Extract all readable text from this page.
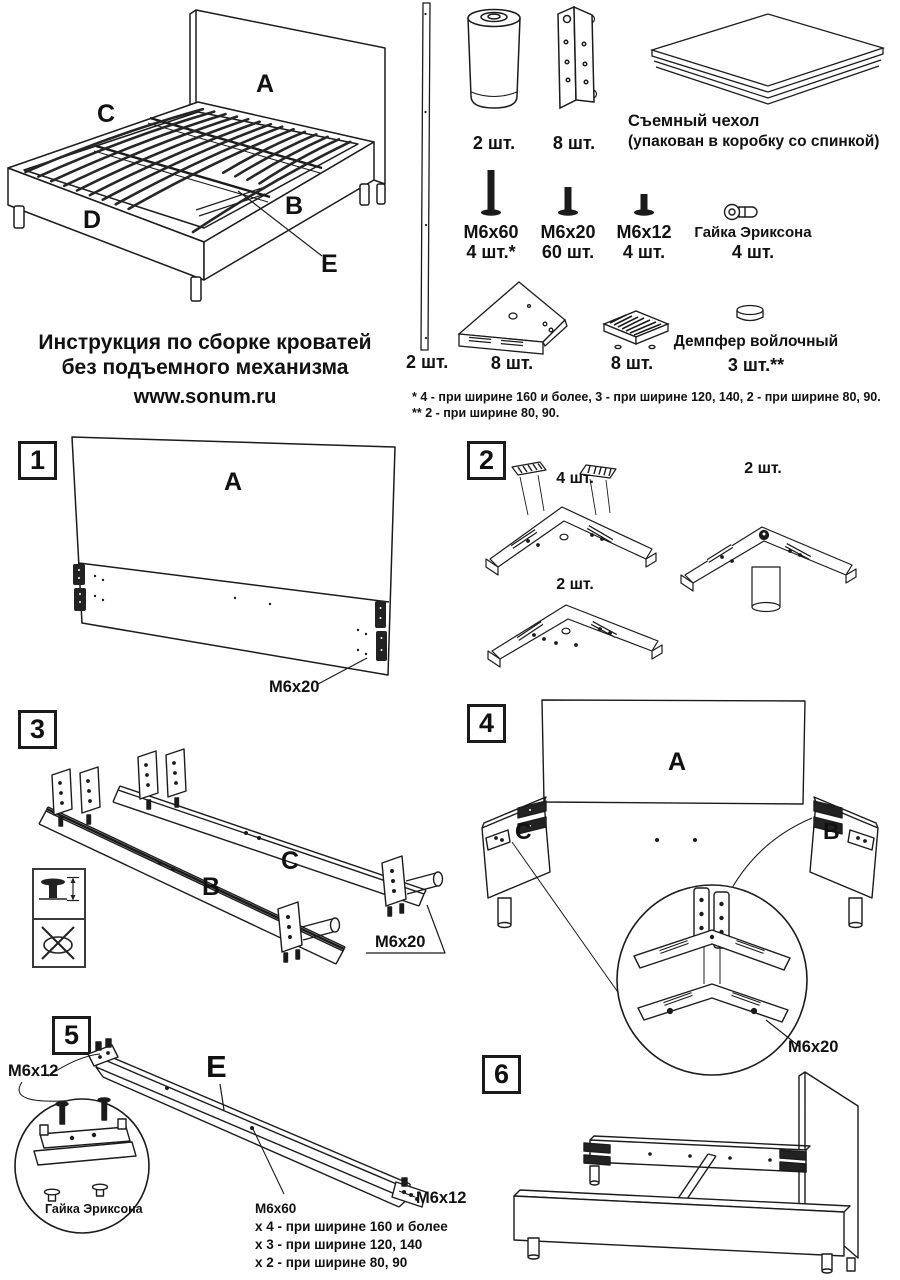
A
C
B
D
E
Инструкция по сборке кроватей
без подъемного механизма
www.sonum.ru
2 шт.
2 шт.	8 шт.
Съемный чехол
(упакован в коробку со спинкой)
M6x60
4 шт.*
M6x20
60 шт.
M6x12
4 шт.
Гайка Эриксона
4 шт.
8 шт.	8 шт.
Демпфер войлочный
3 шт.**
* 4 - при ширине 160 и более, 3 - при ширине 120, 140, 2 - при ширине 80, 90.
** 2 - при ширине 80, 90.
1
A
M6x20
2
4 шт.
2 шт.
2 шт.
3
C
B
M6x20
4
A
C	B
M6x20
5
M6x12	E
M6x12
Гайка Эриксона	M6x60
x 4 - при ширине 160 и более
x 3 - при ширине 120, 140
x 2 - при ширине 80, 90
6
